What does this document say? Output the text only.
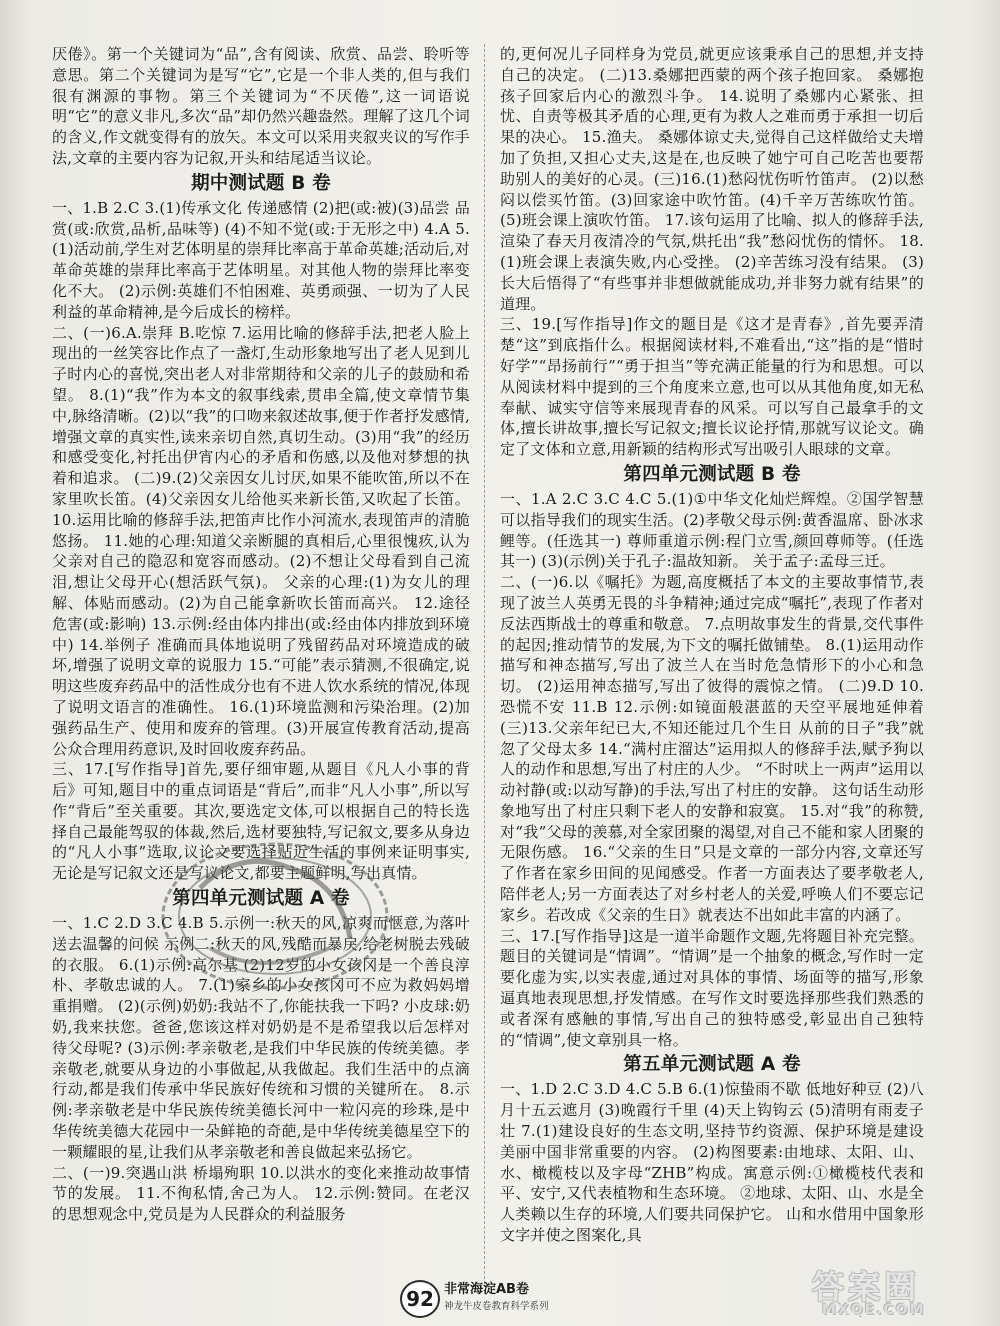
厌倦》。第一个关键词为“品”,含有阅读、欣赏、品尝、聆听等意思。第二个关键词为是写“它”,它是一个非人类的,但与我们很有渊源的事物。第三个关键词为“不厌倦”,这一词语说明“它”的意义非凡,多次“品”却仍然兴趣盎然。理解了这几个词的含义,作文就变得有的放矢。本文可以采用夹叙夹议的写作手法,文章的主要内容为记叙,开头和结尾适当议论。
期中测试题 B 卷
一、1.B 2.C 3.(1)传承文化 传递感情 (2)把(或:被)(3)品尝 品赏(或:欣赏,品析,品味等) (4)不知不觉(或:于无形之中) 4.A 5.(1)活动前,学生对艺体明星的崇拜比率高于革命英雄;活动后,对革命英雄的崇拜比率高于艺体明星。对其他人物的崇拜比率变化不大。 (2)示例:英雄们不怕困难、英勇顽强、一切为了人民利益的革命精神,是今后成长的榜样。
二、(一)6.A.崇拜 B.吃惊 7.运用比喻的修辞手法,把老人脸上现出的一丝笑容比作点了一盏灯,生动形象地写出了老人见到儿子时内心的喜悦,突出老人对非常期待和父亲的儿子的鼓励和希望。 8.(1)“我”作为本文的叙事线索,贯串全篇,使文章情节集中,脉络清晰。(2)以“我”的口吻来叙述故事,便于作者抒发感情,增强文章的真实性,读来亲切自然,真切生动。(3)用“我”的经历和感受变化,衬托出伊宵内心的矛盾和伤感,以及他对梦想的执着和追求。 (二)9.(2)父亲因女儿讨厌,如果不能吹笛,所以不在家里吹长笛。(4)父亲因女儿给他买来新长笛,又吹起了长笛。 10.运用比喻的修辞手法,把笛声比作小河流水,表现笛声的清脆悠扬。 11.她的心理:知道父亲断腿的真相后,心里很愧疚,认为父亲对自己的隐忍和宽容而感动。(2)不想让父母看到自己流泪,想让父母开心(想活跃气氛)。 父亲的心理:(1)为女儿的理解、体贴而感动。(2)为自己能拿新吹长笛而高兴。 12.途径 危害(或:影响) 13.示例:经由体内排出(或:经由体内排放到环境中) 14.举例子 准确而具体地说明了残留药品对环境造成的破坏,增强了说明文章的说服力 15.“可能”表示猜测,不很确定,说明这些废弃药品中的活性成分也有不进人饮水系统的情况,体现了说明文语言的准确性。 16.(1)环境监测和污染治理。(2)加强药品生产、使用和废弃的管理。(3)开展宣传教育活动,提高公众合理用药意识,及时回收废弃药品。
三、17.[写作指导]首先,要仔细审题,从题目《凡人小事的背后》可知,题目中的重点词语是“背后”,而非“凡人小事”,所以写作“背后”至关重要。其次,要选定文体,可以根据自己的特长选择自己最能驾驭的体裁,然后,选材要独特,写记叙文,要多从身边的“凡人小事”选取,议论文要选择贴近生活的事例来证明事实,无论是写记叙文还是写议论文,都要主题鲜明,写出真情。
第四单元测试题 A 卷
一、1.C 2.D 3.C 4.B 5.示例一:秋天的风,凉爽而惬意,为落叶送去温馨的问候 示例二:秋天的风,残酷而暴戾,给老树脱去残破的衣服。 6.(1)示例:高尔基 (2)12岁的小女孩冈是一个善良淳朴、孝敬忠诚的人。 7.(1)家乡的小女孩冈可不应为救妈妈增重捐赠。 (2)(示例)奶奶:我站不了,你能扶我一下吗? 小皮球:奶奶,我来扶您。爸爸,您该这样对奶奶是不是希望我以后怎样对待父母呢? (3)示例:孝亲敬老,是我们中华民族的传统美德。孝亲敬老,就要从身边的小事做起,从我做起。我们生活中的点滴行动,都是我们传承中华民族好传统和习惯的关键所在。 8.示例:孝亲敬老是中华民族传统美德长河中一粒闪亮的珍珠,是中华传统美德大花园中一朵鲜艳的奇葩,是中华传统美德星空下的一颗耀眼的星,让我们从孝亲敬老和善良做起来弘扬它。
二、(一)9.突遇山洪 桥塌殉职 10.以洪水的变化来推动故事情节的发展。 11.不徇私情,舍己为人。 12.示例:赞同。在老汉的思想观念中,党员是为人民群众的利益服务
的,更何况儿子同样身为党员,就更应该秉承自己的思想,并支持自己的决定。 (二)13.桑娜把西蒙的两个孩子抱回家。 桑娜抱孩子回家后内心的激烈斗争。 14.说明了桑娜内心紧张、担忧、自责等极其矛盾的心理,更有为救人之难而勇于承担一切后果的决心。 15.渔夫。 桑娜体谅丈夫,觉得自己这样做给丈夫增加了负担,又担心丈夫,这是在,也反映了她宁可自己吃苦也要帮助别人的美好的心灵。(三)16.(1)愁闷忧伤听竹笛声。 (2)以愁闷以偿买竹笛。(3)回家途中吹竹笛。(4)千辛万苦练吹竹笛。(5)班会课上演吹竹笛。 17.该句运用了比喻、拟人的修辞手法,渲染了春天月夜清冷的气氛,烘托出“我”愁闷忧伤的情怀。 18.(1)班会课上表演失败,内心受挫。 (2)辛苦练习没有结果。 (3)长大后悟得了“有些事并非想做就能成功,并非努力就有结果”的道理。
三、19.[写作指导]作文的题目是《这才是青春》,首先要弄清楚“这”到底指什么。根据阅读材料,不难看出,“这”指的是“惜时好学”“昂扬前行”“勇于担当”等充满正能量的行为和思想。可以从阅读材料中提到的三个角度来立意,也可以从其他角度,如无私奉献、诚实守信等来展现青春的风采。可以写自己最拿手的文体,擅长讲故事,擅长写记叙文;擅长议论抒情,那就写议论文。确定了文体和立意,用新颖的结构形式写出吸引人眼球的文章。
第四单元测试题 B 卷
一、1.A 2.C 3.C 4.C 5.(1)①中华文化灿烂辉煌。②国学智慧可以指导我们的现实生活。(2)孝敬父母示例:黄香温席、卧冰求鲤等。(任选其一) 尊师重道示例:程门立雪,颜回尊师等。(任选其一) (3)(示例)关于孔子:温故知新。 关于孟子:孟母三迁。
二、(一)6.以《嘱托》为题,高度概括了本文的主要故事情节,表现了波兰人英勇无畏的斗争精神;通过完成“嘱托”,表现了作者对反法西斯战士的尊重和敬意。 7.点明故事发生的背景,交代事件的起因;推动情节的发展,为下文的嘱托做铺垫。 8.(1)运用动作描写和神态描写,写出了波兰人在当时危急情形下的小心和急切。 (2)运用神态描写,写出了彼得的震惊之情。 (二)9.D 10.恐慌不安 11.B 12.示例:如镜面般湛蓝的天空平展地延伸着 (三)13.父亲年纪已大,不知还能过几个生日 从前的日子“我”就忽了父母太多 14.“满村庄溜达”运用拟人的修辞手法,赋予狗以人的动作和思想,写出了村庄的人少。 “不时吠上一两声”运用以动衬静(或:以动写静)的手法,写出了村庄的安静。 这句话生动形象地写出了村庄只剩下老人的安静和寂寞。 15.对“我”的称赞,对“我”父母的羡慕,对全家团聚的渴望,对自己不能和家人团聚的无限伤感。 16.“父亲的生日”只是文章的一部分内容,文章还写了作者在家乡田间的见闻感受。作者一方面表达了要孝敬老人,陪伴老人;另一方面表达了对乡村老人的关爱,呼唤人们不要忘记家乡。若改成《父亲的生日》就表达不出如此丰富的内涵了。
三、17.[写作指导]这是一道半命题作文题,先将题目补充完整。题目的关键词是“情调”。“情调”是一个抽象的概念,写作时一定要化虚为实,以实表虚,通过对具体的事情、场面等的描写,形象逼真地表现思想,抒发情感。在写作文时要选择那些我们熟悉的或者深有感触的事情,写出自己的独特感受,彰显出自己独特的“情调”,使文章别具一格。
第五单元测试题 A 卷
一、1.D 2.C 3.D 4.C 5.B 6.(1)惊蛰雨不歇 低地好种豆 (2)八月十五云遮月 (3)晚霞行千里 (4)天上钩钩云 (5)清明有雨麦子壮 7.(1)建设良好的生态文明,坚持节约资源、保护环境是建设美丽中国非常重要的内容。 (2)构图要素:由地球、太阳、山、水、橄榄枝以及字母“ZHB”构成。寓意示例:①橄榄枝代表和平、安宁,又代表植物和生态环境。 ②地球、太阳、山、水是全人类赖以生存的环境,人们要共同保护它。 山和水借用中国象形文字并使之图案化,具
92 非常海淀AB卷
神龙牛皮卷教育科学系列
答案圈
MXQE.COM
